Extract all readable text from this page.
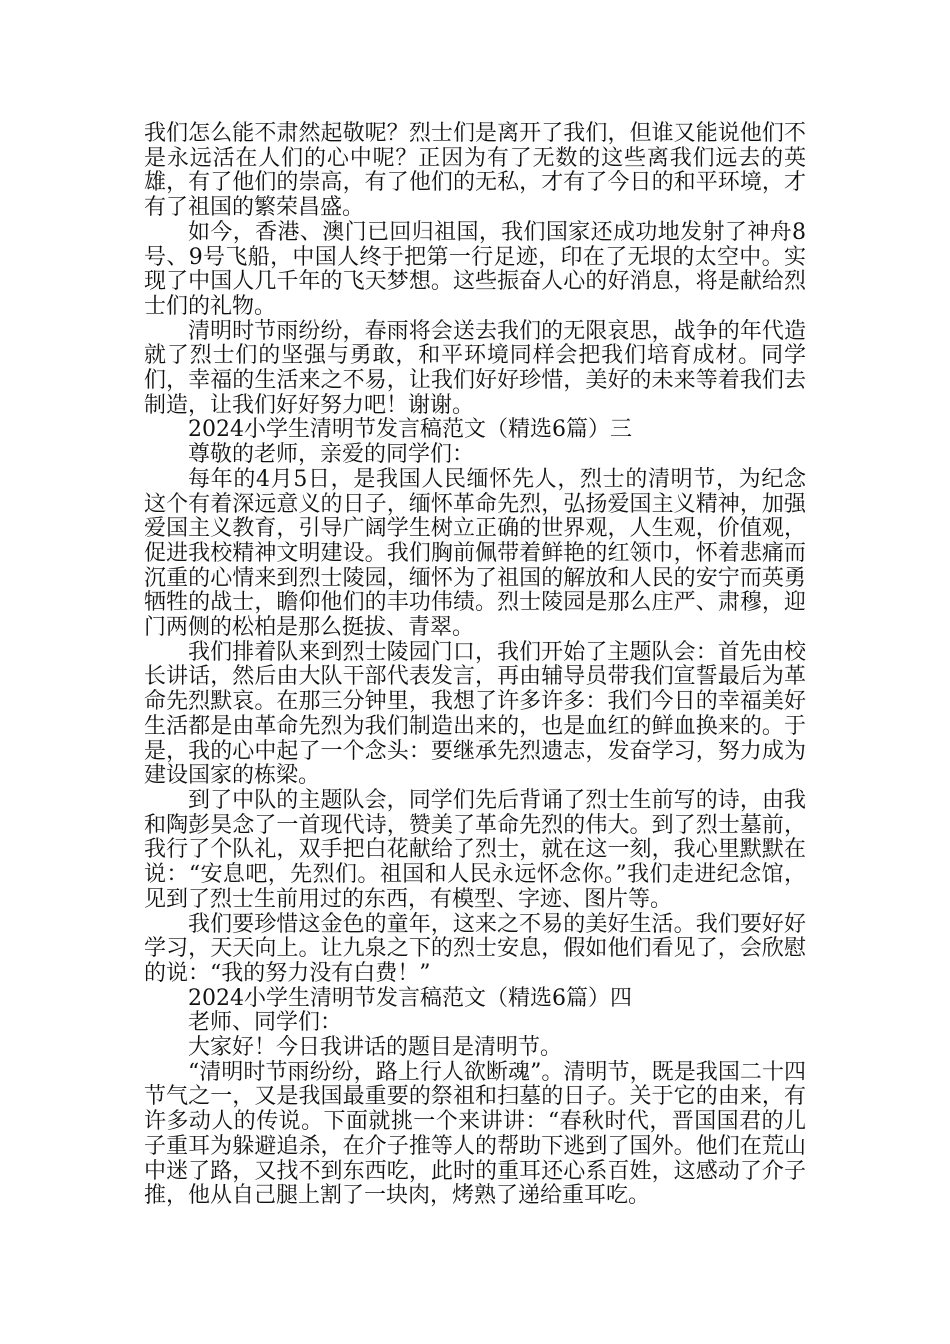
我们怎么能不肃然起敬呢？烈士们是离开了我们，但谁又能说他们不是永远活在人们的心中呢？正因为有了无数的这些离我们远去的英雄，有了他们的崇高，有了他们的无私，才有了今日的和平环境，才有了祖国的繁荣昌盛。

如今，香港、澳门已回归祖国，我们国家还成功地发射了神舟8号、9号飞船，中国人终于把第一行足迹，印在了无垠的太空中。实现了中国人几千年的飞天梦想。这些振奋人心的好消息，将是献给烈士们的礼物。

清明时节雨纷纷，春雨将会送去我们的无限哀思，战争的年代造就了烈士们的坚强与勇敢，和平环境同样会把我们培育成材。同学们，幸福的生活来之不易，让我们好好珍惜，美好的未来等着我们去制造，让我们好好努力吧！谢谢。

2024小学生清明节发言稿范文（精选6篇）三

尊敬的老师，亲爱的同学们：

每年的4月5日，是我国人民缅怀先人，烈士的清明节，为纪念这个有着深远意义的日子，缅怀革命先烈，弘扬爱国主义精神，加强爱国主义教育，引导广阔学生树立正确的世界观，人生观，价值观，促进我校精神文明建设。我们胸前佩带着鲜艳的红领巾，怀着悲痛而沉重的心情来到烈士陵园，缅怀为了祖国的解放和人民的安宁而英勇牺牲的战士，瞻仰他们的丰功伟绩。烈士陵园是那么庄严、肃穆，迎门两侧的松柏是那么挺拔、青翠。

我们排着队来到烈士陵园门口，我们开始了主题队会：首先由校长讲话，然后由大队干部代表发言，再由辅导员带我们宣誓最后为革命先烈默哀。在那三分钟里，我想了许多许多：我们今日的幸福美好生活都是由革命先烈为我们制造出来的，也是血红的鲜血换来的。于是，我的心中起了一个念头：要继承先烈遗志，发奋学习，努力成为建设国家的栋梁。

到了中队的主题队会，同学们先后背诵了烈士生前写的诗，由我和陶彭昊念了一首现代诗，赞美了革命先烈的伟大。到了烈士墓前，我行了个队礼，双手把白花献给了烈士，就在这一刻，我心里默默在说：“安息吧，先烈们。祖国和人民永远怀念你。”我们走进纪念馆，见到了烈士生前用过的东西，有模型、字迹、图片等。

我们要珍惜这金色的童年，这来之不易的美好生活。我们要好好学习，天天向上。让九泉之下的烈士安息，假如他们看见了，会欣慰的说：“我的努力没有白费！”

2024小学生清明节发言稿范文（精选6篇）四

老师、同学们：

大家好！今日我讲话的题目是清明节。

“清明时节雨纷纷，路上行人欲断魂”。清明节，既是我国二十四节气之一，又是我国最重要的祭祖和扫墓的日子。关于它的由来，有许多动人的传说。下面就挑一个来讲讲：“春秋时代，晋国国君的儿子重耳为躲避追杀，在介子推等人的帮助下逃到了国外。他们在荒山中迷了路，又找不到东西吃，此时的重耳还心系百姓，这感动了介子推，他从自己腿上割了一块肉，烤熟了递给重耳吃。
